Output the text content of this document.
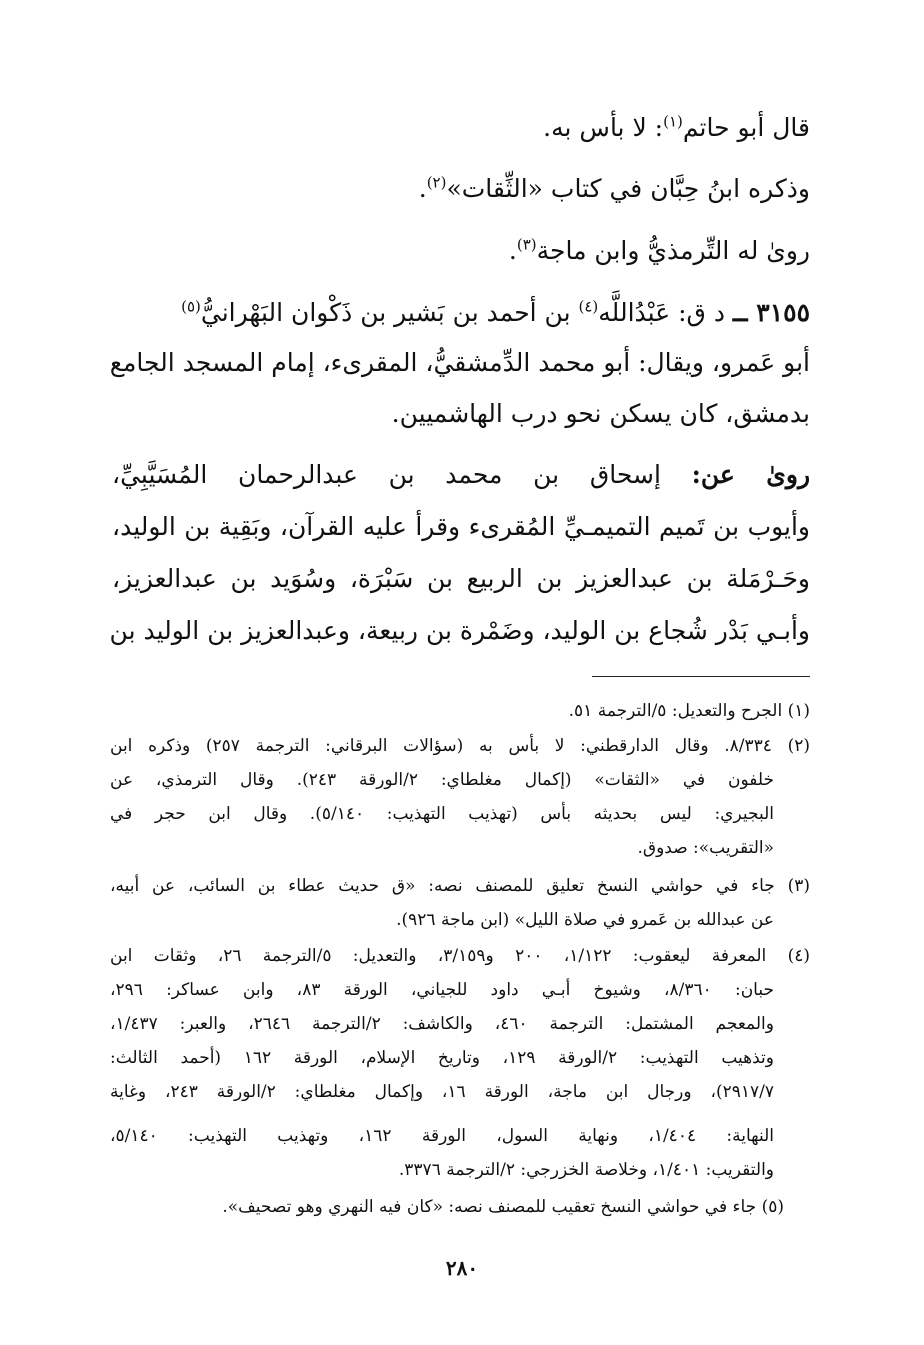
قال أبو حاتم$^{(١)}$: لا بأس به.
وذكره ابنُ حِبَّان في كتاب «الثِّقات»$^{(٢)}$.
روىٰ له التِّرمذيُّ وابن ماجة$^{(٣)}$.
٣١٥٥ ــ د ق: عَبْدُاللَّه$^{(٤)}$ بن أحمد بن بَشير بن ذَكْوان البَهْرانيُّ$^{(٥)}$
أبو عَمرو، ويقال: أبو محمد الدِّمشقيُّ، المقرىء، إمام المسجد الجامع
بدمشق، كان يسكن نحو درب الهاشميين.
روىٰ عن: إسحاق بن محمد بن عبدالرحمان المُسَيَّبِيِّ،
وأيوب بن تَميم التميمـيِّ المُقرىء وقرأ عليه القرآن، وبَقِية بن الوليد،
وحَـرْمَلة بن عبدالعزيز بن الربيع بن سَبْرَة، وسُوَيد بن عبدالعزيز،
وأبـي بَدْر شُجاع بن الوليد، وضَمْرة بن ربيعة، وعبدالعزيز بن الوليد بن
(١) الجرح والتعديل: ٥/الترجمة ٥١.
(٢) ٨/٣٣٤. وقال الدارقطني: لا بأس به (سؤالات البرقاني: الترجمة ٢٥٧) وذكره ابن
خلفون في «الثقات» (إكمال مغلطاي: ٢/الورقة ٢٤٣). وقال الترمذي، عن
البجيري: ليس بحديثه بأس (تهذيب التهذيب: ٥/١٤٠). وقال ابن حجر في
«التقريب»: صدوق.
(٣) جاء في حواشي النسخ تعليق للمصنف نصه: «ق حديث عطاء بن السائب، عن أبيه،
عن عبدالله بن عَمرو في صلاة الليل» (ابن ماجة ٩٢٦).
(٤) المعرفة ليعقوب: ١/١٢٢، ٢٠٠ و٣/١٥٩، والتعديل: ٥/الترجمة ٢٦، وثقات ابن
حبان: ٨/٣٦٠، وشيوخ أبـي داود للجياني، الورقة ٨٣، وابن عساكر: ٢٩٦،
والمعجم المشتمل: الترجمة ٤٦٠، والكاشف: ٢/الترجمة ٢٦٤٦، والعبر: ١/٤٣٧،
وتذهيب التهذيب: ٢/الورقة ١٢٩، وتاريخ الإسلام، الورقة ١٦٢ (أحمد الثالث:
٢٩١٧/٧)، ورجال ابن ماجة، الورقة ١٦، وإكمال مغلطاي: ٢/الورقة ٢٤٣، وغاية
النهاية: ١/٤٠٤، ونهاية السول، الورقة ١٦٢، وتهذيب التهذيب: ٥/١٤٠،
والتقريب: ١/٤٠١، وخلاصة الخزرجي: ٢/الترجمة ٣٣٧٦.
(٥) جاء في حواشي النسخ تعقيب للمصنف نصه: «كان فيه النهري وهو تصحيف».
٢٨٠
